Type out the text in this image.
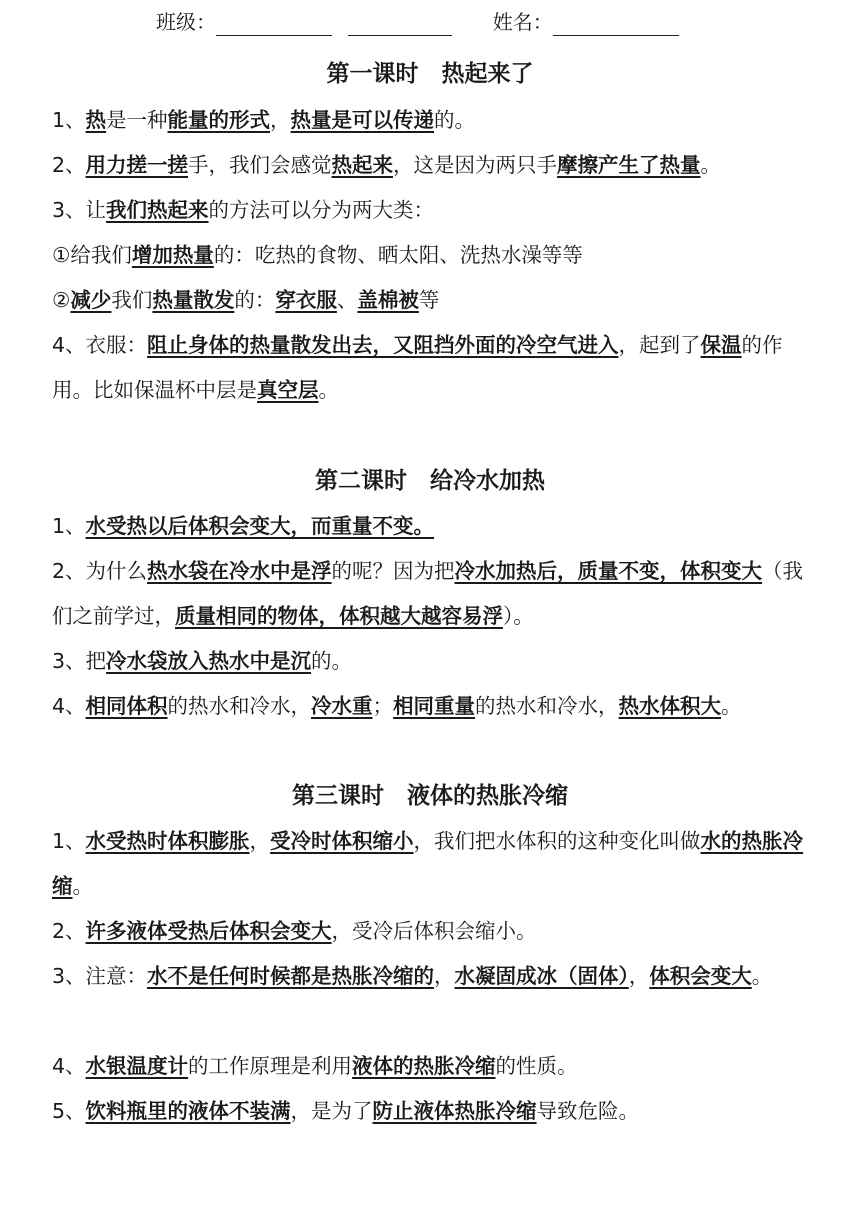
班级：	姓名：
第一课时　热起来了
1、热是一种能量的形式，热量是可以传递的。
2、用力搓一搓手，我们会感觉热起来，这是因为两只手摩擦产生了热量。
3、让我们热起来的方法可以分为两大类：
①给我们增加热量的：吃热的食物、晒太阳、洗热水澡等等
②减少我们热量散发的：穿衣服、盖棉被等
4、衣服：阻止身体的热量散发出去，又阻挡外面的冷空气进入，起到了保温的作用。比如保温杯中层是真空层。
第二课时　给冷水加热
1、水受热以后体积会变大，而重量不变。
2、为什么热水袋在冷水中是浮的呢？因为把冷水加热后，质量不变，体积变大（我们之前学过，质量相同的物体，体积越大越容易浮）。
3、把冷水袋放入热水中是沉的。
4、相同体积的热水和冷水，冷水重；相同重量的热水和冷水，热水体积大。
第三课时　液体的热胀冷缩
1、水受热时体积膨胀，受冷时体积缩小，我们把水体积的这种变化叫做水的热胀冷缩。
2、许多液体受热后体积会变大，受冷后体积会缩小。
3、注意：水不是任何时候都是热胀冷缩的，水凝固成冰（固体），体积会变大。
4、水银温度计的工作原理是利用液体的热胀冷缩的性质。
5、饮料瓶里的液体不装满，是为了防止液体热胀冷缩导致危险。
